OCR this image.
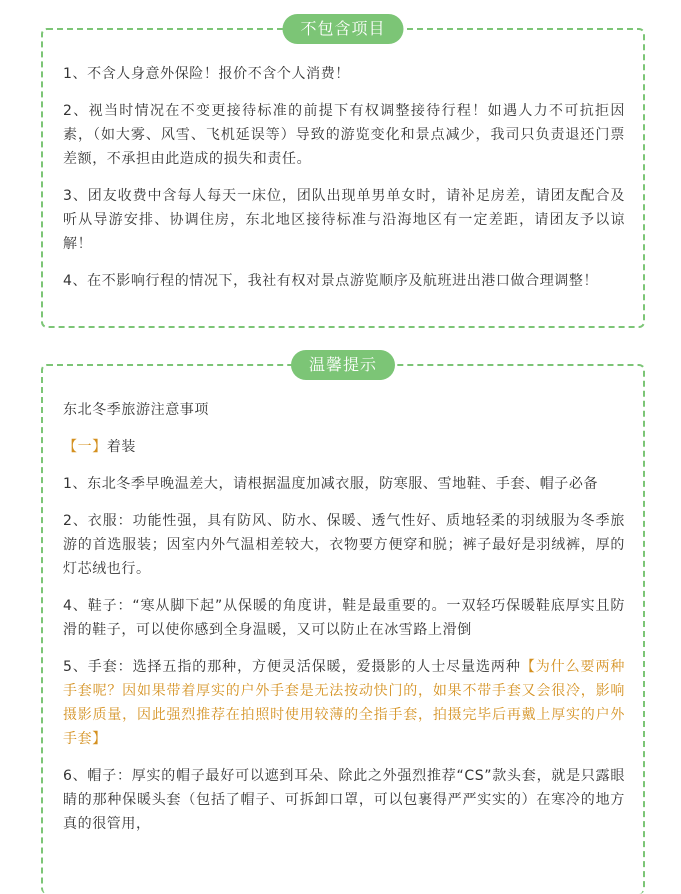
不包含项目

1、不含人身意外保险！报价不含个人消费！

2、视当时情况在不变更接待标准的前提下有权调整接待行程！如遇人力不可抗拒因素，（如大雾、风雪、飞机延误等）导致的游览变化和景点减少，我司只负责退还门票差额，不承担由此造成的损失和责任。

3、团友收费中含每人每天一床位，团队出现单男单女时，请补足房差，请团友配合及听从导游安排、协调住房，东北地区接待标准与沿海地区有一定差距，请团友予以谅解！

4、在不影响行程的情况下，我社有权对景点游览顺序及航班进出港口做合理调整！

温馨提示

东北冬季旅游注意事项

【一】着装

1、东北冬季早晚温差大，请根据温度加减衣服，防寒服、雪地鞋、手套、帽子必备

2、衣服：功能性强，具有防风、防水、保暖、透气性好、质地轻柔的羽绒服为冬季旅游的首选服装；因室内外气温相差较大，衣物要方便穿和脱；裤子最好是羽绒裤，厚的灯芯绒也行。

4、鞋子：“寒从脚下起”从保暖的角度讲，鞋是最重要的。一双轻巧保暖鞋底厚实且防滑的鞋子，可以使你感到全身温暖，又可以防止在冰雪路上滑倒

5、手套：选择五指的那种，方便灵活保暖，爱摄影的人士尽量选两种【为什么要两种手套呢？因如果带着厚实的户外手套是无法按动快门的，如果不带手套又会很冷，影响摄影质量，因此强烈推荐在拍照时使用较薄的全指手套，拍摄完毕后再戴上厚实的户外手套】

6、帽子：厚实的帽子最好可以遮到耳朵、除此之外强烈推荐“CS”款头套，就是只露眼睛的那种保暖头套（包括了帽子、可拆卸口罩，可以包裹得严严实实的）在寒冷的地方真的很管用，
